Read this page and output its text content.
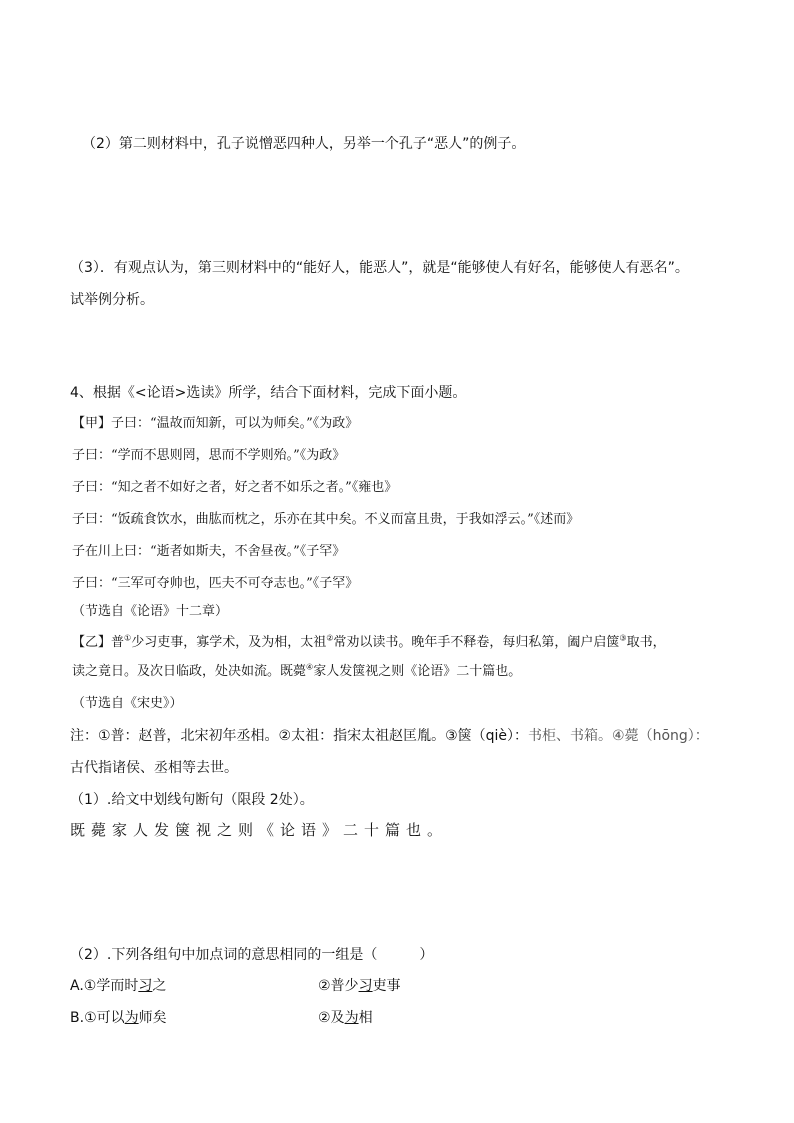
（2）第二则材料中，孔子说憎恶四种人，另举一个孔子“恶人”的例子。
（3）．有观点认为，第三则材料中的“能好人，能恶人”，就是“能够使人有好名，能够使人有恶名”。
试举例分析。
4、根据《<论语>选读》所学，结合下面材料，完成下面小题。
【甲】子曰：“温故而知新，可以为师矣。”《为政》
子曰：“学而不思则罔，思而不学则殆。”《为政》
子曰：“知之者不如好之者，好之者不如乐之者。”《雍也》
子曰：“饭疏食饮水，曲肱而枕之，乐亦在其中矣。不义而富且贵，于我如浮云。”《述而》
子在川上曰：“逝者如斯夫，不舍昼夜。”《子罕》
子曰：“三军可夺帅也，匹夫不可夺志也。”《子罕》
（节选自《论语》十二章）
【乙】普①少习吏事，寡学术，及为相，太祖②常劝以读书。晚年手不释卷，每归私第，阖户启箧③取书，
读之竟日。及次日临政，处决如流。既薨④家人发箧视之则《论语》二十篇也。
（节选自《宋史》）
注：①普：赵普，北宋初年丞相。②太祖：指宋太祖赵匡胤。③箧（qiè）：书柜、书箱。④薨（hōng）：
古代指诸侯、丞相等去世。
（1）.给文中划线句断句（限段 2处）。
既薨家人发箧视之则《论语》二十篇也。
（2）.下列各组句中加点词的意思相同的一组是（　　　）
A.①学而时习之	②普少习吏事
B.①可以为师矣	②及为相
